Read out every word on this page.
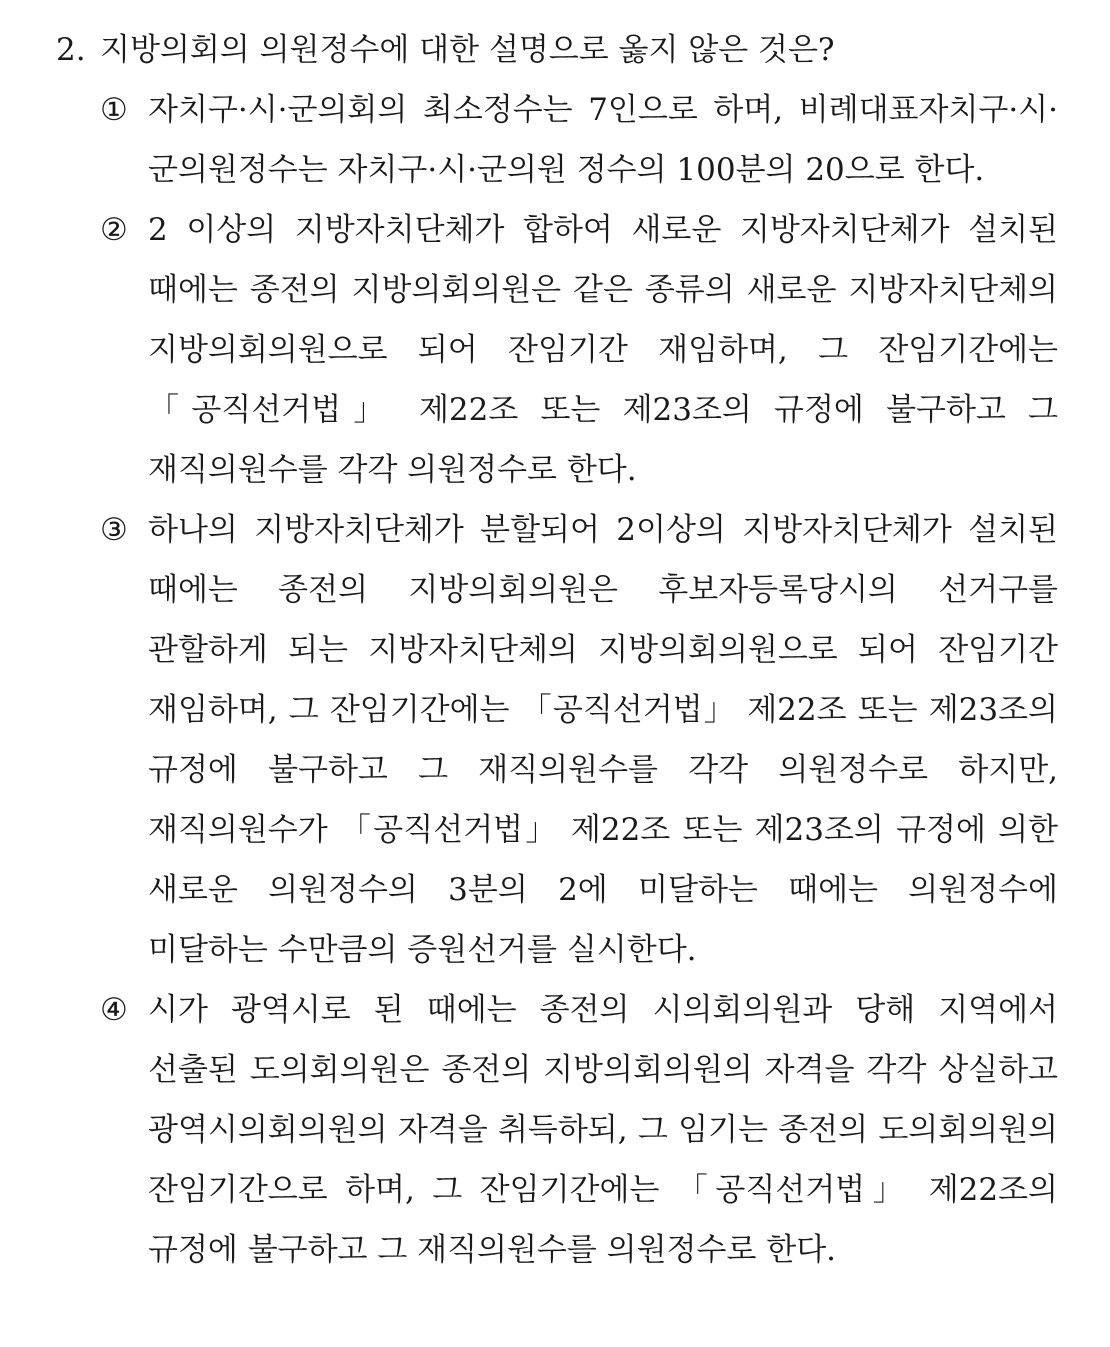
2. 지방의회의 의원정수에 대한 설명으로 옳지 않은 것은?
① 자치구·시·군의회의 최소정수는 7인으로 하며, 비례대표자치구·시·군의원정수는 자치구·시·군의원 정수의 100분의 20으로 한다.
② 2 이상의 지방자치단체가 합하여 새로운 지방자치단체가 설치된 때에는 종전의 지방의회의원은 같은 종류의 새로운 지방자치단체의 지방의회의원으로 되어 잔임기간 재임하며, 그 잔임기간에는 「공직선거법」 제22조 또는 제23조의 규정에 불구하고 그 재직의원수를 각각 의원정수로 한다.
③ 하나의 지방자치단체가 분할되어 2이상의 지방자치단체가 설치된 때에는 종전의 지방의회의원은 후보자등록당시의 선거구를 관할하게 되는 지방자치단체의 지방의회의원으로 되어 잔임기간 재임하며, 그 잔임기간에는 「공직선거법」 제22조 또는 제23조의 규정에 불구하고 그 재직의원수를 각각 의원정수로 하지만, 재직의원수가 「공직선거법」 제22조 또는 제23조의 규정에 의한 새로운 의원정수의 3분의 2에 미달하는 때에는 의원정수에 미달하는 수만큼의 증원선거를 실시한다.
④ 시가 광역시로 된 때에는 종전의 시의회의원과 당해 지역에서 선출된 도의회의원은 종전의 지방의회의원의 자격을 각각 상실하고 광역시의회의원의 자격을 취득하되, 그 임기는 종전의 도의회의원의 잔임기간으로 하며, 그 잔임기간에는 「공직선거법」 제22조의 규정에 불구하고 그 재직의원수를 의원정수로 한다.
